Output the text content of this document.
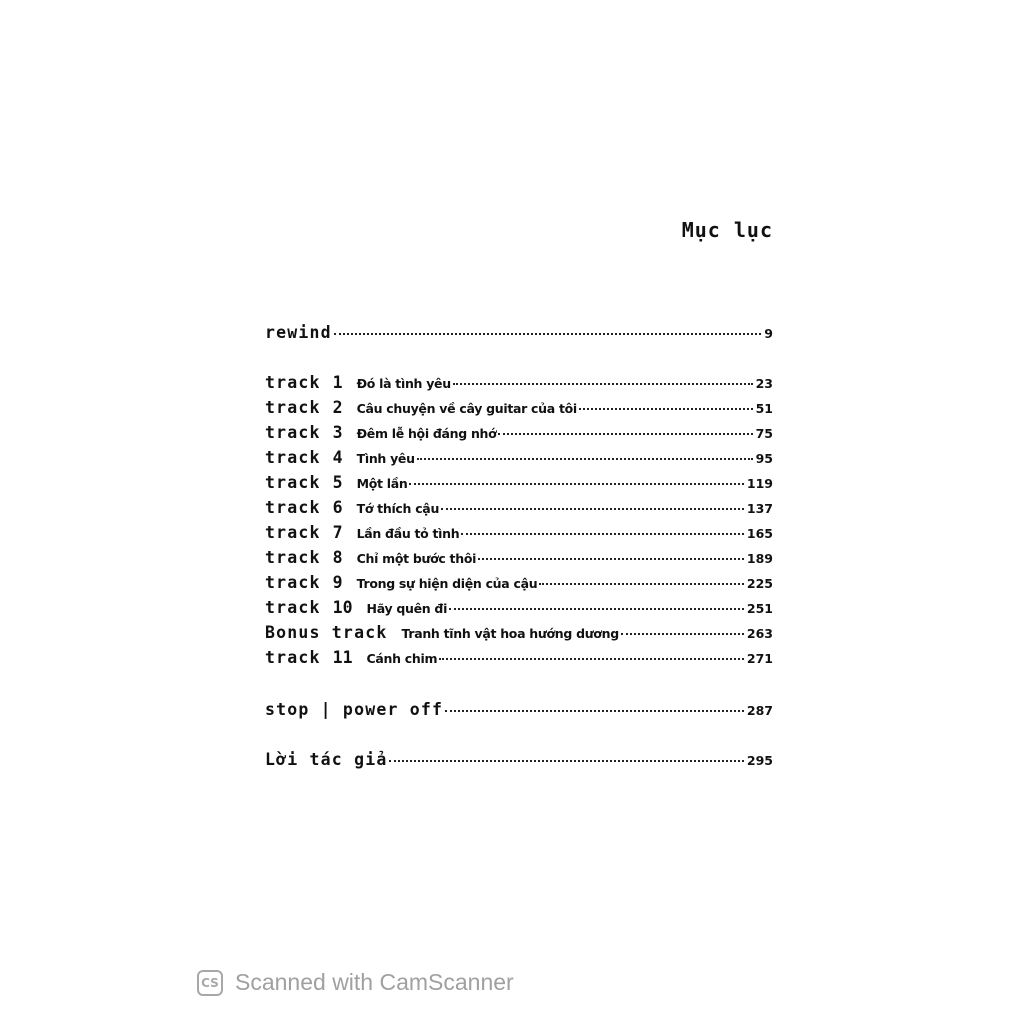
Mục lục
rewind	9
track 1 Đó là tình yêu	23
track 2 Câu chuyện về cây guitar của tôi	51
track 3 Đêm lễ hội đáng nhớ	75
track 4 Tình yêu	95
track 5 Một lần	119
track 6 Tớ thích cậu	137
track 7 Lần đầu tỏ tình	165
track 8 Chỉ một bước thôi	189
track 9 Trong sự hiện diện của cậu	225
track 10 Hãy quên đi	251
Bonus track Tranh tĩnh vật hoa hướng dương	263
track 11 Cánh chim	271
stop | power off	287
Lời tác giả	295
CS Scanned with CamScanner
